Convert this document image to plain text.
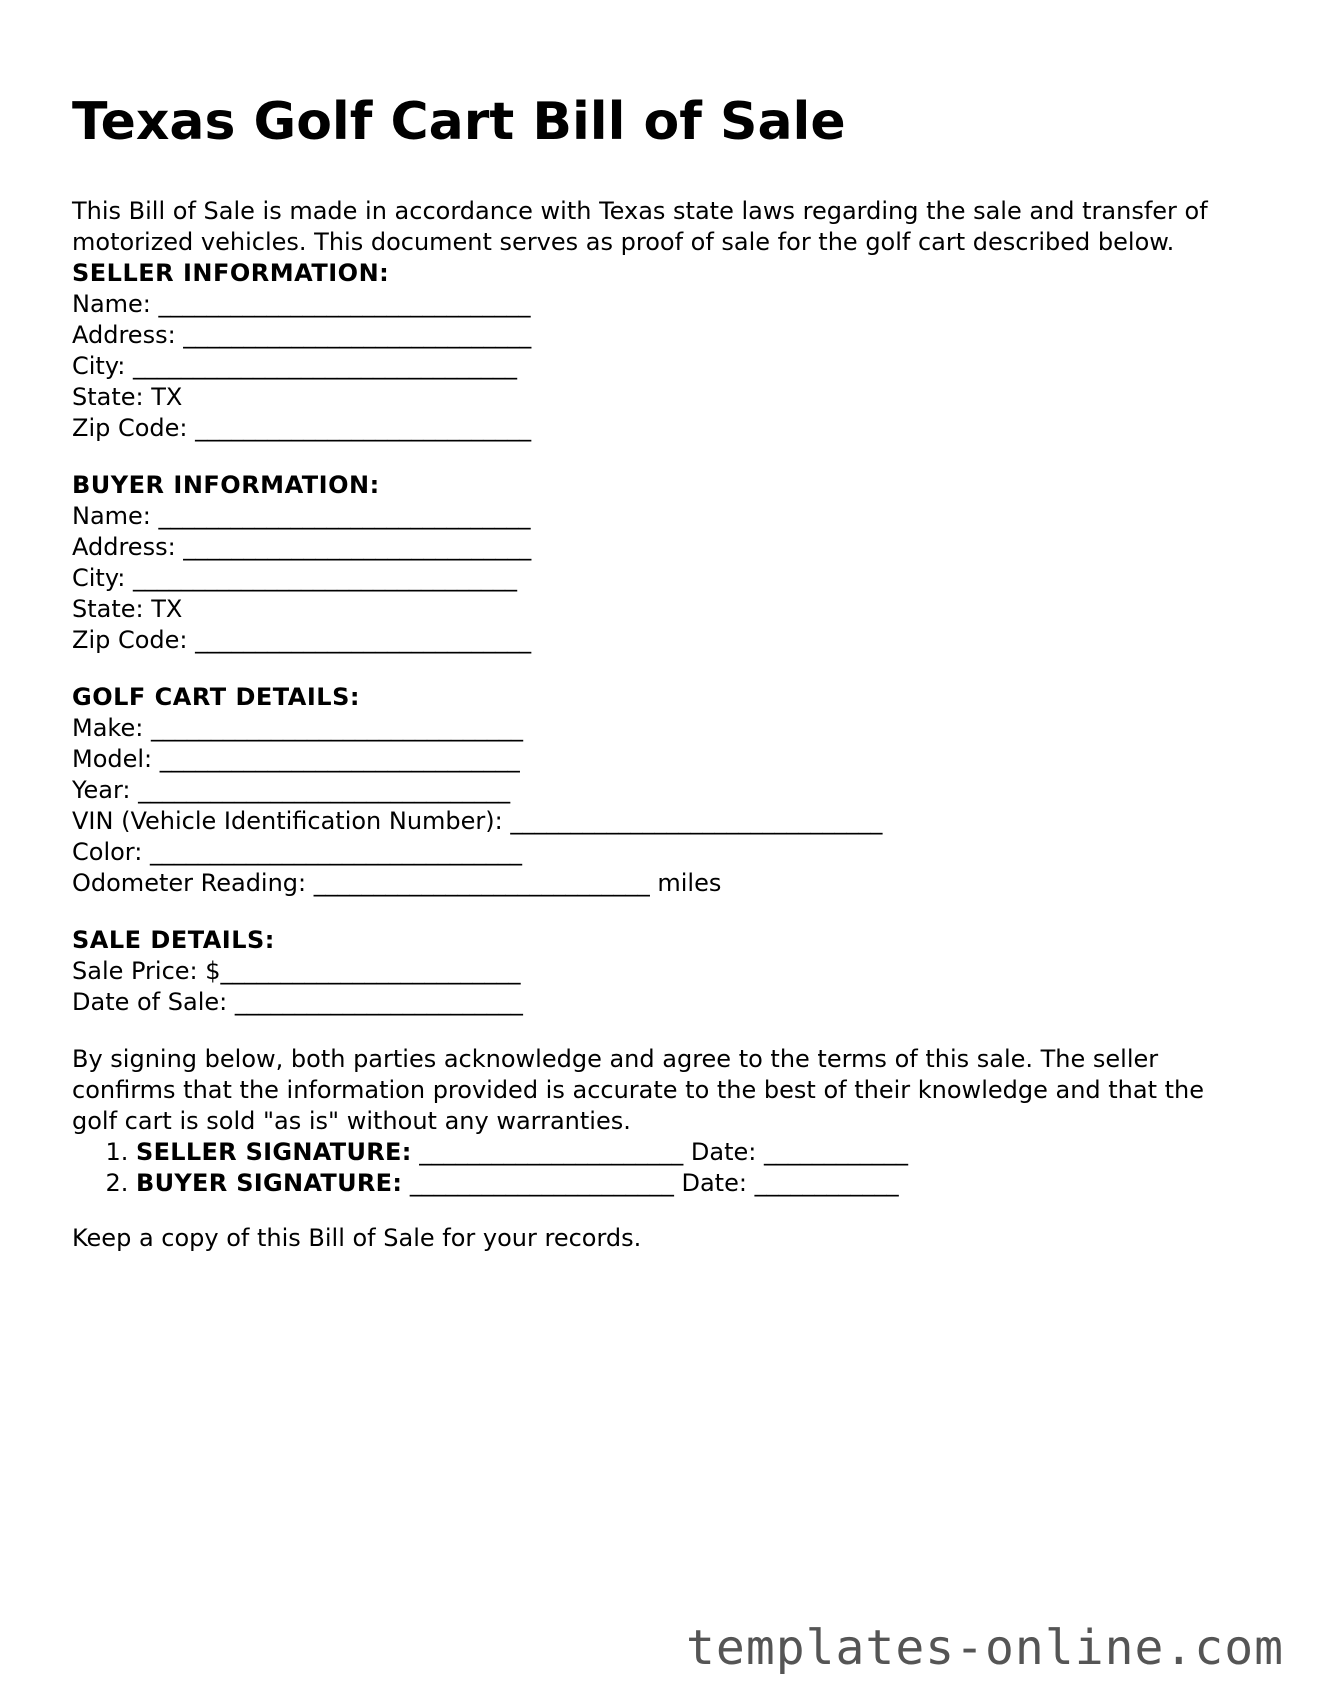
Texas Golf Cart Bill of Sale

This Bill of Sale is made in accordance with Texas state laws regarding the sale and transfer of motorized vehicles. This document serves as proof of sale for the golf cart described below.

SELLER INFORMATION:
Name: _______________________________
Address: _____________________________
City: ________________________________
State: TX
Zip Code: ____________________________
BUYER INFORMATION:
Name: _______________________________
Address: _____________________________
City: ________________________________
State: TX
Zip Code: ____________________________
GOLF CART DETAILS:
Make: _______________________________
Model: ______________________________
Year: _______________________________
VIN (Vehicle Identification Number): _______________________________
Color: _______________________________
Odometer Reading: ____________________________ miles
SALE DETAILS:
Sale Price: $_________________________
Date of Sale: ________________________

By signing below, both parties acknowledge and agree to the terms of this sale. The seller confirms that the information provided is accurate to the best of their knowledge and that the golf cart is sold "as is" without any warranties.

1. SELLER SIGNATURE: ______________________ Date: ____________
2. BUYER SIGNATURE: ______________________ Date: ____________
Keep a copy of this Bill of Sale for your records.
templates-online.com
